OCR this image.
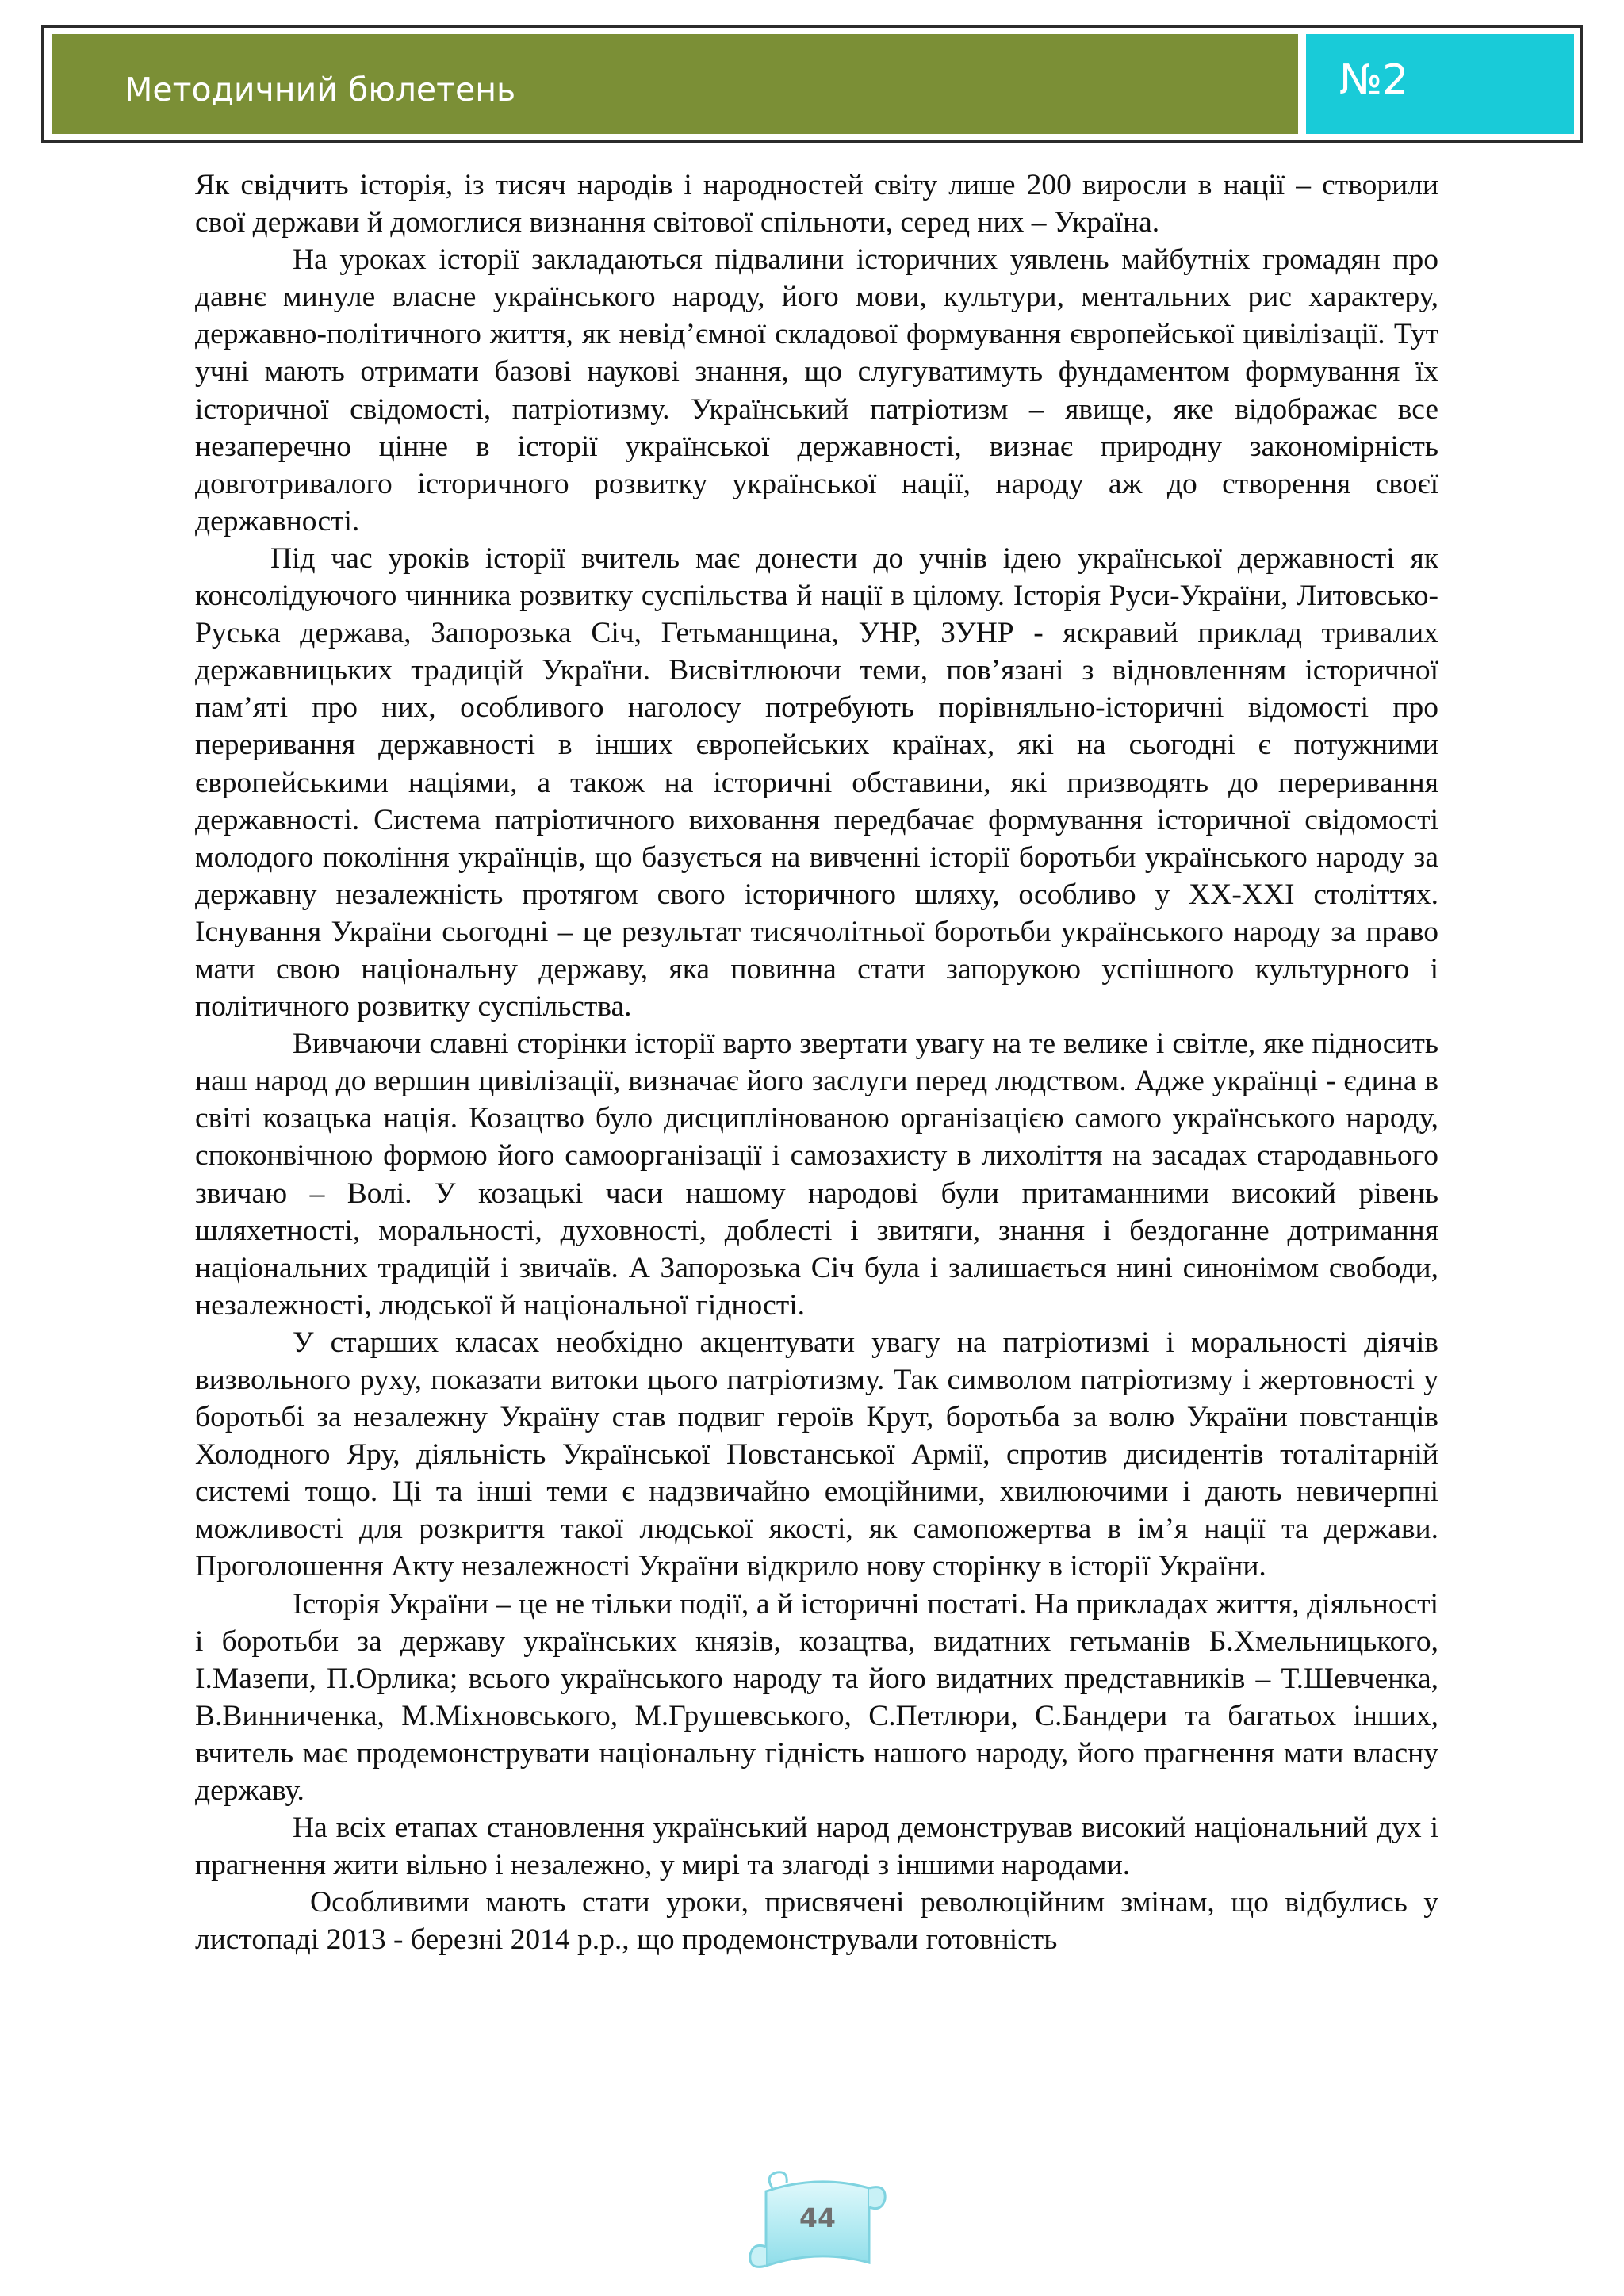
Методичний бюлетень	№2

Як свідчить історія, із тисяч народів і народностей світу лише 200 виросли в нації – створили свої держави й домоглися визнання світової спільноти, серед них – Україна.

На уроках історії закладаються підвалини історичних уявлень майбутніх громадян про давнє минуле власне українського народу, його мови, культури, ментальних рис характеру, державно-політичного життя, як невід’ємної складової формування європейської цивілізації. Тут учні мають отримати базові наукові знання, що слугуватимуть фундаментом формування їх історичної свідомості, патріотизму. Український патріотизм – явище, яке відображає все незаперечно цінне в історії української державності, визнає природну закономірність довготривалого історичного розвитку української нації, народу аж до створення своєї державності.

Під час уроків історії вчитель має донести до учнів ідею української державності як консолідуючого чинника розвитку суспільства й нації в цілому. Історія Руси-України, Литовсько-Руська держава, Запорозька Січ, Гетьманщина, УНР, ЗУНР - яскравий приклад тривалих державницьких традицій України. Висвітлюючи теми, пов’язані з відновленням історичної пам’яті про них, особливого наголосу потребують порівняльно-історичні відомості про переривання державності в інших європейських країнах, які на сьогодні є потужними європейськими націями, а також на історичні обставини, які призводять до переривання державності. Система патріотичного виховання передбачає формування історичної свідомості молодого покоління українців, що базується на вивченні історії боротьби українського народу за державну незалежність протягом свого історичного шляху, особливо у ХХ-ХХІ століттях. Існування України сьогодні – це результат тисячолітньої боротьби українського народу за право мати свою національну державу, яка повинна стати запорукою успішного культурного і політичного розвитку суспільства.

Вивчаючи славні сторінки історії варто звертати увагу на те велике і світле, яке підносить наш народ до вершин цивілізації, визначає його заслуги перед людством. Адже українці - єдина в світі козацька нація. Козацтво було дисциплінованою організацією самого українського народу, споконвічною формою його самоорганізації і самозахисту в лихоліття на засадах стародавнього звичаю – Волі. У козацькі часи нашому народові були притаманними високий рівень шляхетності, моральності, духовності, доблесті і звитяги, знання і бездоганне дотримання національних традицій і звичаїв. А Запорозька Січ була і залишається нині синонімом свободи, незалежності, людської й національної гідності.

У старших класах необхідно акцентувати увагу на патріотизмі і моральності діячів визвольного руху, показати витоки цього патріотизму. Так символом патріотизму і жертовності у боротьбі за незалежну Україну став подвиг героїв Крут, боротьба за волю України повстанців Холодного Яру, діяльність Української Повстанської Армії, спротив дисидентів тоталітарній системі тощо. Ці та інші теми є надзвичайно емоційними, хвилюючими і дають невичерпні можливості для розкриття такої людської якості, як самопожертва в ім’я нації та держави. Проголошення Акту незалежності України відкрило нову сторінку в історії України.

Історія України – це не тільки події, а й історичні постаті. На прикладах життя, діяльності і боротьби за державу українських князів, козацтва, видатних гетьманів Б.Хмельницького, І.Мазепи, П.Орлика; всього українського народу та його видатних представників – Т.Шевченка, В.Винниченка, М.Міхновського, М.Грушевського, С.Петлюри, С.Бандери та багатьох інших, вчитель має продемонструвати національну гідність нашого народу, його прагнення мати власну державу.

На всіх етапах становлення український народ демонстрував високий національний дух і прагнення жити вільно і незалежно, у мирі та злагоді з іншими народами.

Особливими мають стати уроки, присвячені революційним змінам, що відбулись у листопаді 2013 - березні 2014 р.р., що продемонстрували готовність

44
